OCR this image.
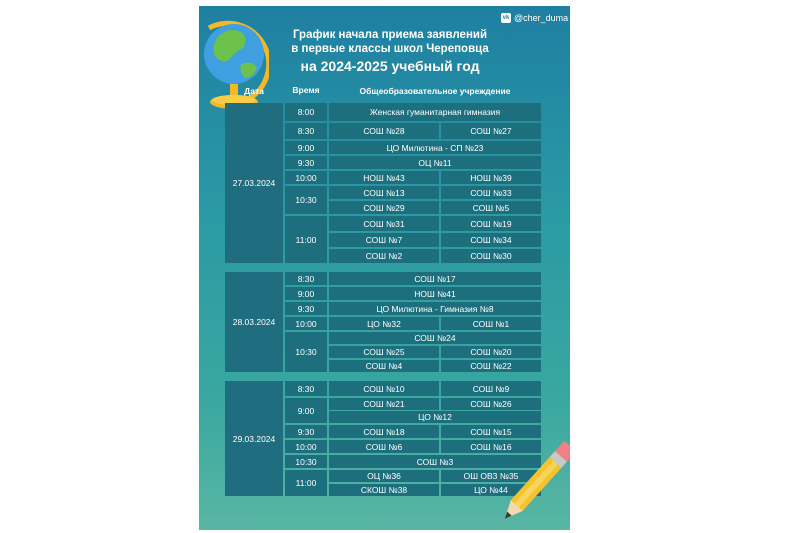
График начала приема заявлений
в первые классы школ Череповца
на 2024-2025 учебный год
vk @cher_duma
Дата	Время	Общеобразовательное учреждение
27.03.2024
8:00	Женская гуманитарная гимназия
8:30	СОШ №28	СОШ №27
9:00	ЦО Милютина - СП №23
9:30	ОЦ №11
10:00	НОШ №43	НОШ №39
10:30
СОШ №13	СОШ №33
СОШ №29	СОШ №5
11:00
СОШ №31	СОШ №19
СОШ №7	СОШ №34
СОШ №2	СОШ №30
28.03.2024
8:30	СОШ №17
9:00	НОШ №41
9:30	ЦО Милютина - Гимназия №8
10:00	ЦО №32	СОШ №1
10:30
СОШ №24
СОШ №25	СОШ №20
СОШ №4	СОШ №22
29.03.2024
8:30	СОШ №10	СОШ №9
9:00
СОШ №21	СОШ №26
ЦО №12
9:30	СОШ №18	СОШ №15
10:00	СОШ №6	СОШ №16
10:30	СОШ №3
11:00
ОЦ №36	ОШ ОВЗ №35
СКОШ №38	ЦО №44
